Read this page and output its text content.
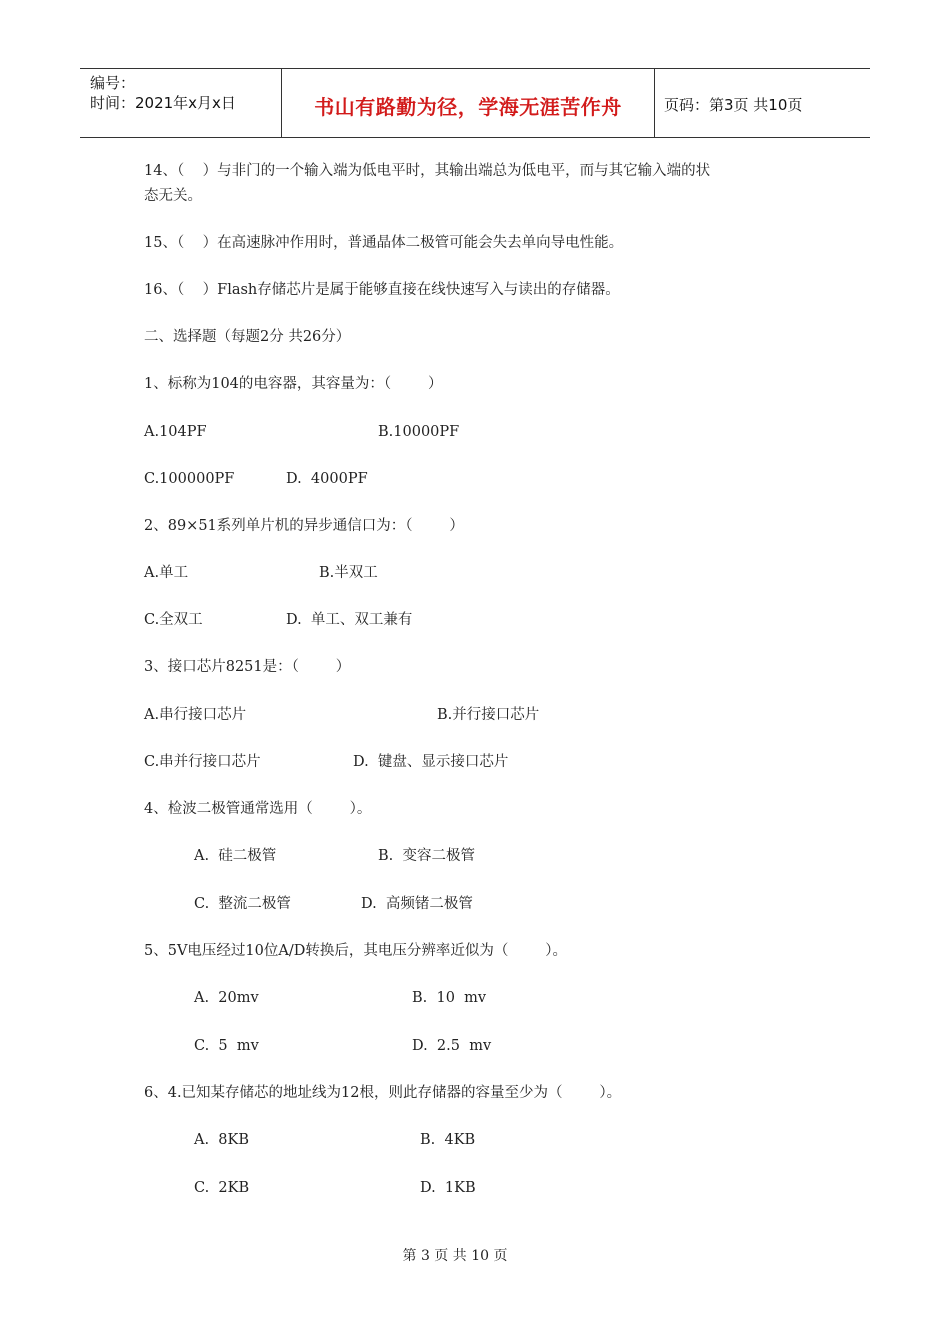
编号：
时间：2021年x月x日	书山有路勤为径，学海无涯苦作舟	页码：第3页 共10页
14、（    ）与非门的一个输入端为低电平时，其输出端总为低电平，而与其它输入端的状
态无关。
15、（    ）在高速脉冲作用时，普通晶体二极管可能会失去单向导电性能。
16、（    ）Flash存储芯片是属于能够直接在线快速写入与读出的存储器。
二、选择题（每题2分 共26分）
1、标称为104的电容器，其容量为：（        ）
A.104PF	B.10000PF
C.100000PF	D.  4000PF
2、89×51系列单片机的异步通信口为：（        ）
A.单工	B.半双工
C.全双工	D.  单工、双工兼有
3、接口芯片8251是：（        ）
A.串行接口芯片	B.并行接口芯片
C.串并行接口芯片	D.  键盘、显示接口芯片
4、检波二极管通常选用（        ）。
A.  硅二极管	B.  变容二极管
C.  整流二极管	D.  高频锗二极管
5、5V电压经过10位A/D转换后，其电压分辨率近似为（        ）。
A.  20mv	B.  10  mv
C.  5  mv	D.  2.5  mv
6、4.已知某存储芯的地址线为12根，则此存储器的容量至少为（        ）。
A.  8KB	B.  4KB
C.  2KB	D.  1KB
第 3 页 共 10 页
